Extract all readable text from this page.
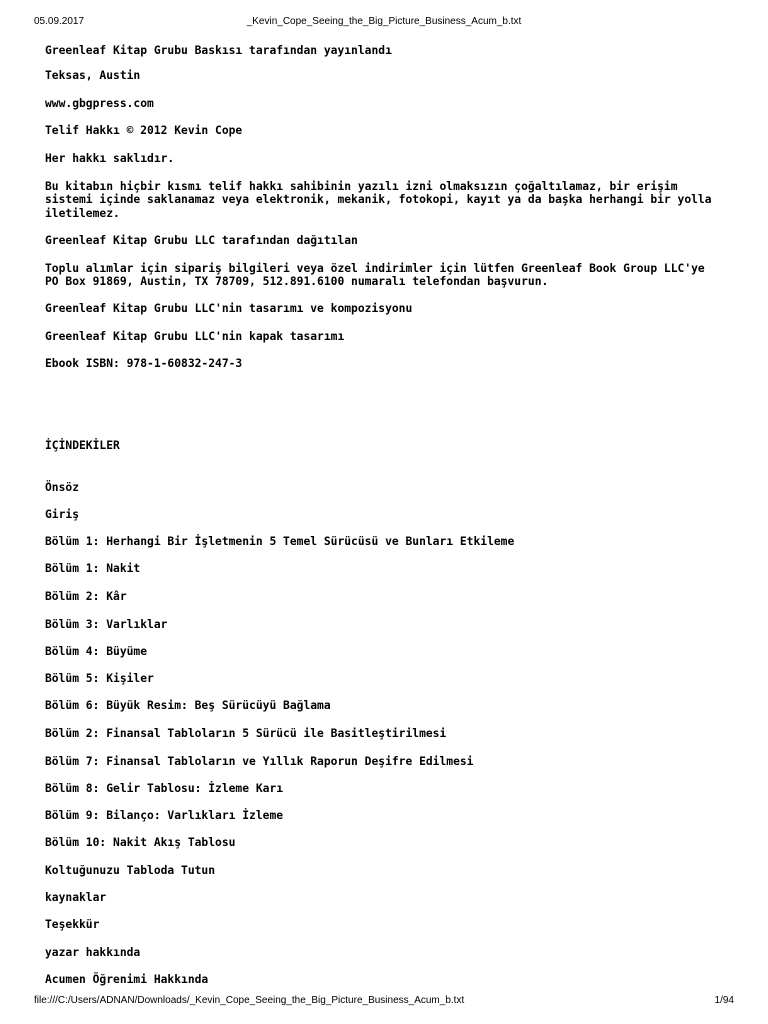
05.09.2017	_Kevin_Cope_Seeing_the_Big_Picture_Business_Acum_b.txt
Greenleaf Kitap Grubu Baskısı tarafından yayınlandı
Teksas, Austin
www.gbgpress.com
Telif Hakkı © 2012 Kevin Cope
Her hakkı saklıdır.
Bu kitabın hiçbir kısmı telif hakkı sahibinin yazılı izni olmaksızın çoğaltılamaz, bir erişim
sistemi içinde saklanamaz veya elektronik, mekanik, fotokopi, kayıt ya da başka herhangi bir yolla
iletilemez.
Greenleaf Kitap Grubu LLC tarafından dağıtılan
Toplu alımlar için sipariş bilgileri veya özel indirimler için lütfen Greenleaf Book Group LLC'ye
PO Box 91869, Austin, TX 78709, 512.891.6100 numaralı telefondan başvurun.
Greenleaf Kitap Grubu LLC'nin tasarımı ve kompozisyonu
Greenleaf Kitap Grubu LLC'nin kapak tasarımı
Ebook ISBN: 978-1-60832-247-3
İÇİNDEKİLER
Önsöz
Giriş
Bölüm 1: Herhangi Bir İşletmenin 5 Temel Sürücüsü ve Bunları Etkileme
Bölüm 1: Nakit
Bölüm 2: Kâr
Bölüm 3: Varlıklar
Bölüm 4: Büyüme
Bölüm 5: Kişiler
Bölüm 6: Büyük Resim: Beş Sürücüyü Bağlama
Bölüm 2: Finansal Tabloların 5 Sürücü ile Basitleştirilmesi
Bölüm 7: Finansal Tabloların ve Yıllık Raporun Deşifre Edilmesi
Bölüm 8: Gelir Tablosu: İzleme Karı
Bölüm 9: Bilanço: Varlıkları İzleme
Bölüm 10: Nakit Akış Tablosu
Koltuğunuzu Tabloda Tutun
kaynaklar
Teşekkür
yazar hakkında
Acumen Öğrenimi Hakkında
file:///C:/Users/ADNAN/Downloads/_Kevin_Cope_Seeing_the_Big_Picture_Business_Acum_b.txt	1/94
